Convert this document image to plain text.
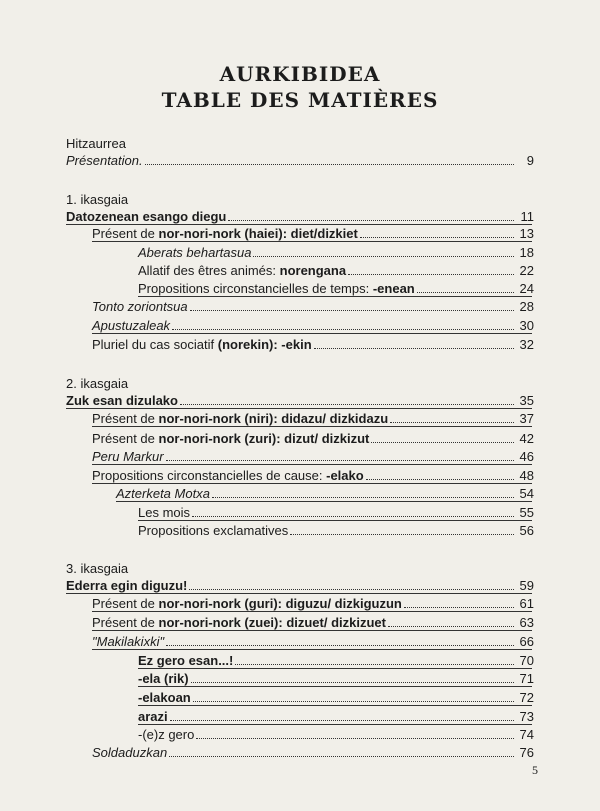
AURKIBIDEA
TABLE DES MATIÈRES
Hitzaurrea
Présentation.	9
1. ikasgaia
Datozenean esango diegu	11
Présent de nor-nori-nork (haiei): diet/dizkiet	13
Aberats behartasua	18
Allatif des êtres animés: norengana	22
Propositions circonstancielles de temps: -enean	24
Tonto zoriontsua	28
Apustuzaleak	30
Pluriel du cas sociatif (norekin): -ekin	32
2. ikasgaia
Zuk esan dizulako	35
Présent de nor-nori-nork (niri): didazu/ dizkidazu	37
Présent de nor-nori-nork (zuri): dizut/ dizkizut	42
Peru Markur	46
Propositions circonstancielles de cause: -elako	48
Azterketa Motxa	54
Les mois	55
Propositions exclamatives	56
3. ikasgaia
Ederra egin diguzu!	59
Présent de nor-nori-nork (guri): diguzu/ dizkiguzun	61
Présent de nor-nori-nork (zuei): dizuet/ dizkizuet	63
"Makilakixki"	66
Ez gero esan...!	70
-ela (rik)	71
-elakoan	72
arazi	73
-(e)z gero	74
Soldaduzkan	76
5
